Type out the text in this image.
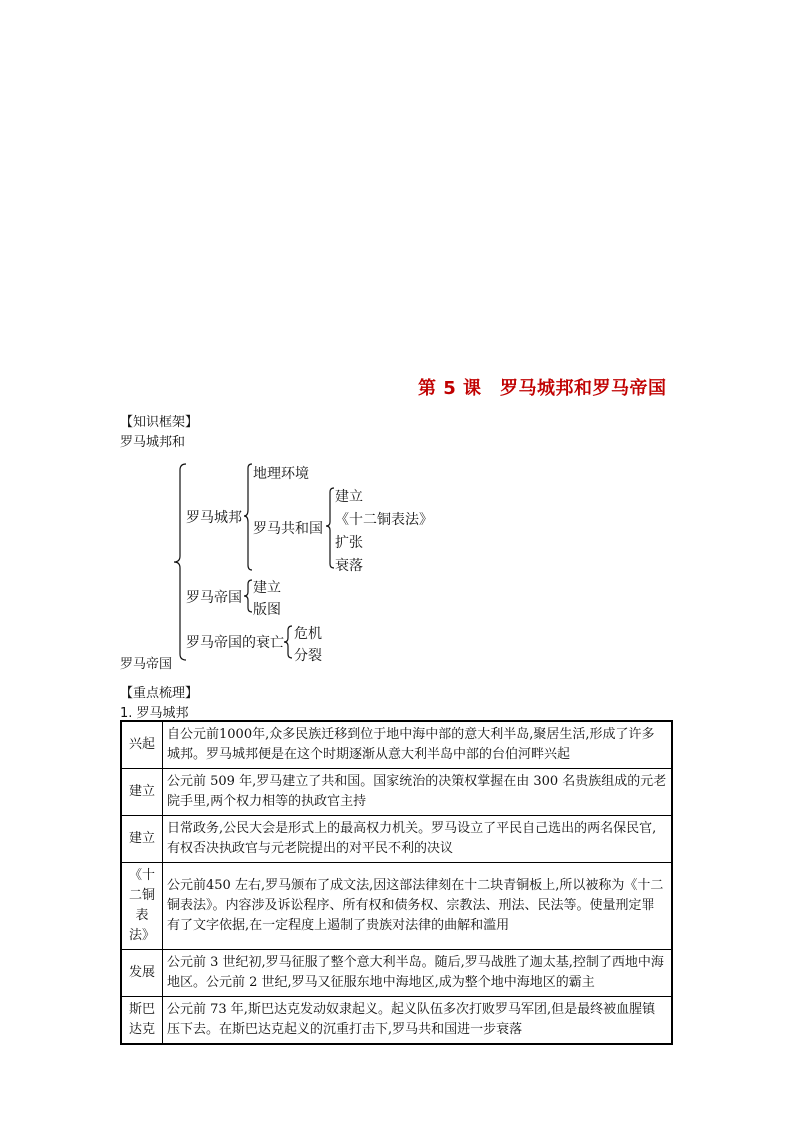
第 5 课　罗马城邦和罗马帝国
【知识框架】
罗马城邦和
罗马城邦
地理环境
罗马共和国
建立
《十二铜表法》
扩张
衰落
罗马帝国
建立
版图
罗马帝国的衰亡
危机
分裂
罗马帝国
【重点梳理】
1. 罗马城邦
兴起	自公元前1000年,众多民族迁移到位于地中海中部的意大利半岛,聚居生活,形成了许多城邦。罗马城邦便是在这个时期逐渐从意大利半岛中部的台伯河畔兴起
建立	公元前 509 年,罗马建立了共和国。国家统治的决策权掌握在由 300 名贵族组成的元老院手里,两个权力相等的执政官主持
建立	日常政务,公民大会是形式上的最高权力机关。罗马设立了平民自己选出的两名保民官,有权否决执政官与元老院提出的对平民不利的决议
《十二铜表法》	公元前450 左右,罗马颁布了成文法,因这部法律刻在十二块青铜板上,所以被称为《十二铜表法》。内容涉及诉讼程序、所有权和债务权、宗教法、刑法、民法等。使量刑定罪有了文字依据,在一定程度上遏制了贵族对法律的曲解和滥用
发展	公元前 3 世纪初,罗马征服了整个意大利半岛。随后,罗马战胜了迦太基,控制了西地中海地区。公元前 2 世纪,罗马又征服东地中海地区,成为整个地中海地区的霸主
斯巴达克	公元前 73 年,斯巴达克发动奴隶起义。起义队伍多次打败罗马军团,但是最终被血腥镇压下去。在斯巴达克起义的沉重打击下,罗马共和国进一步衰落
